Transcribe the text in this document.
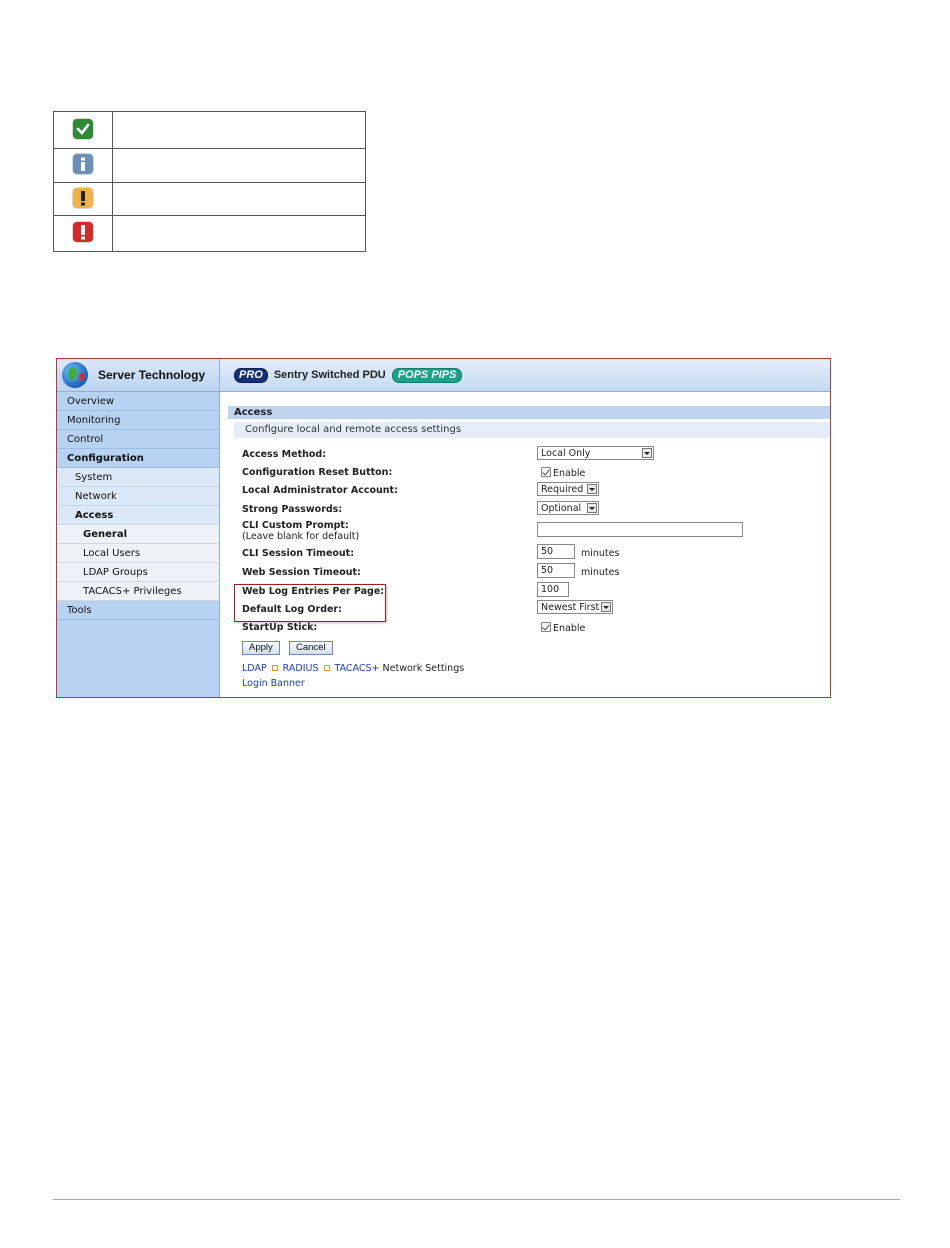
Server Technology
Overview
Monitoring
Control
Configuration
System
Network
Access
General
Local Users
LDAP Groups
TACACS+ Privileges
Tools
PRO	Sentry Switched PDU	POPS PIPS
Access
Configure local and remote access settings
Access Method:	Local Only
Configuration Reset Button:	Enable
Local Administrator Account:	Required
Strong Passwords:	Optional
CLI Custom Prompt:
(Leave blank for default)
CLI Session Timeout:	50	minutes
Web Session Timeout:	50	minutes
Web Log Entries Per Page:	100
Default Log Order:	Newest First
StartUp Stick:	Enable
Apply	Cancel
LDAP RADIUS TACACS+ Network Settings
Login Banner
